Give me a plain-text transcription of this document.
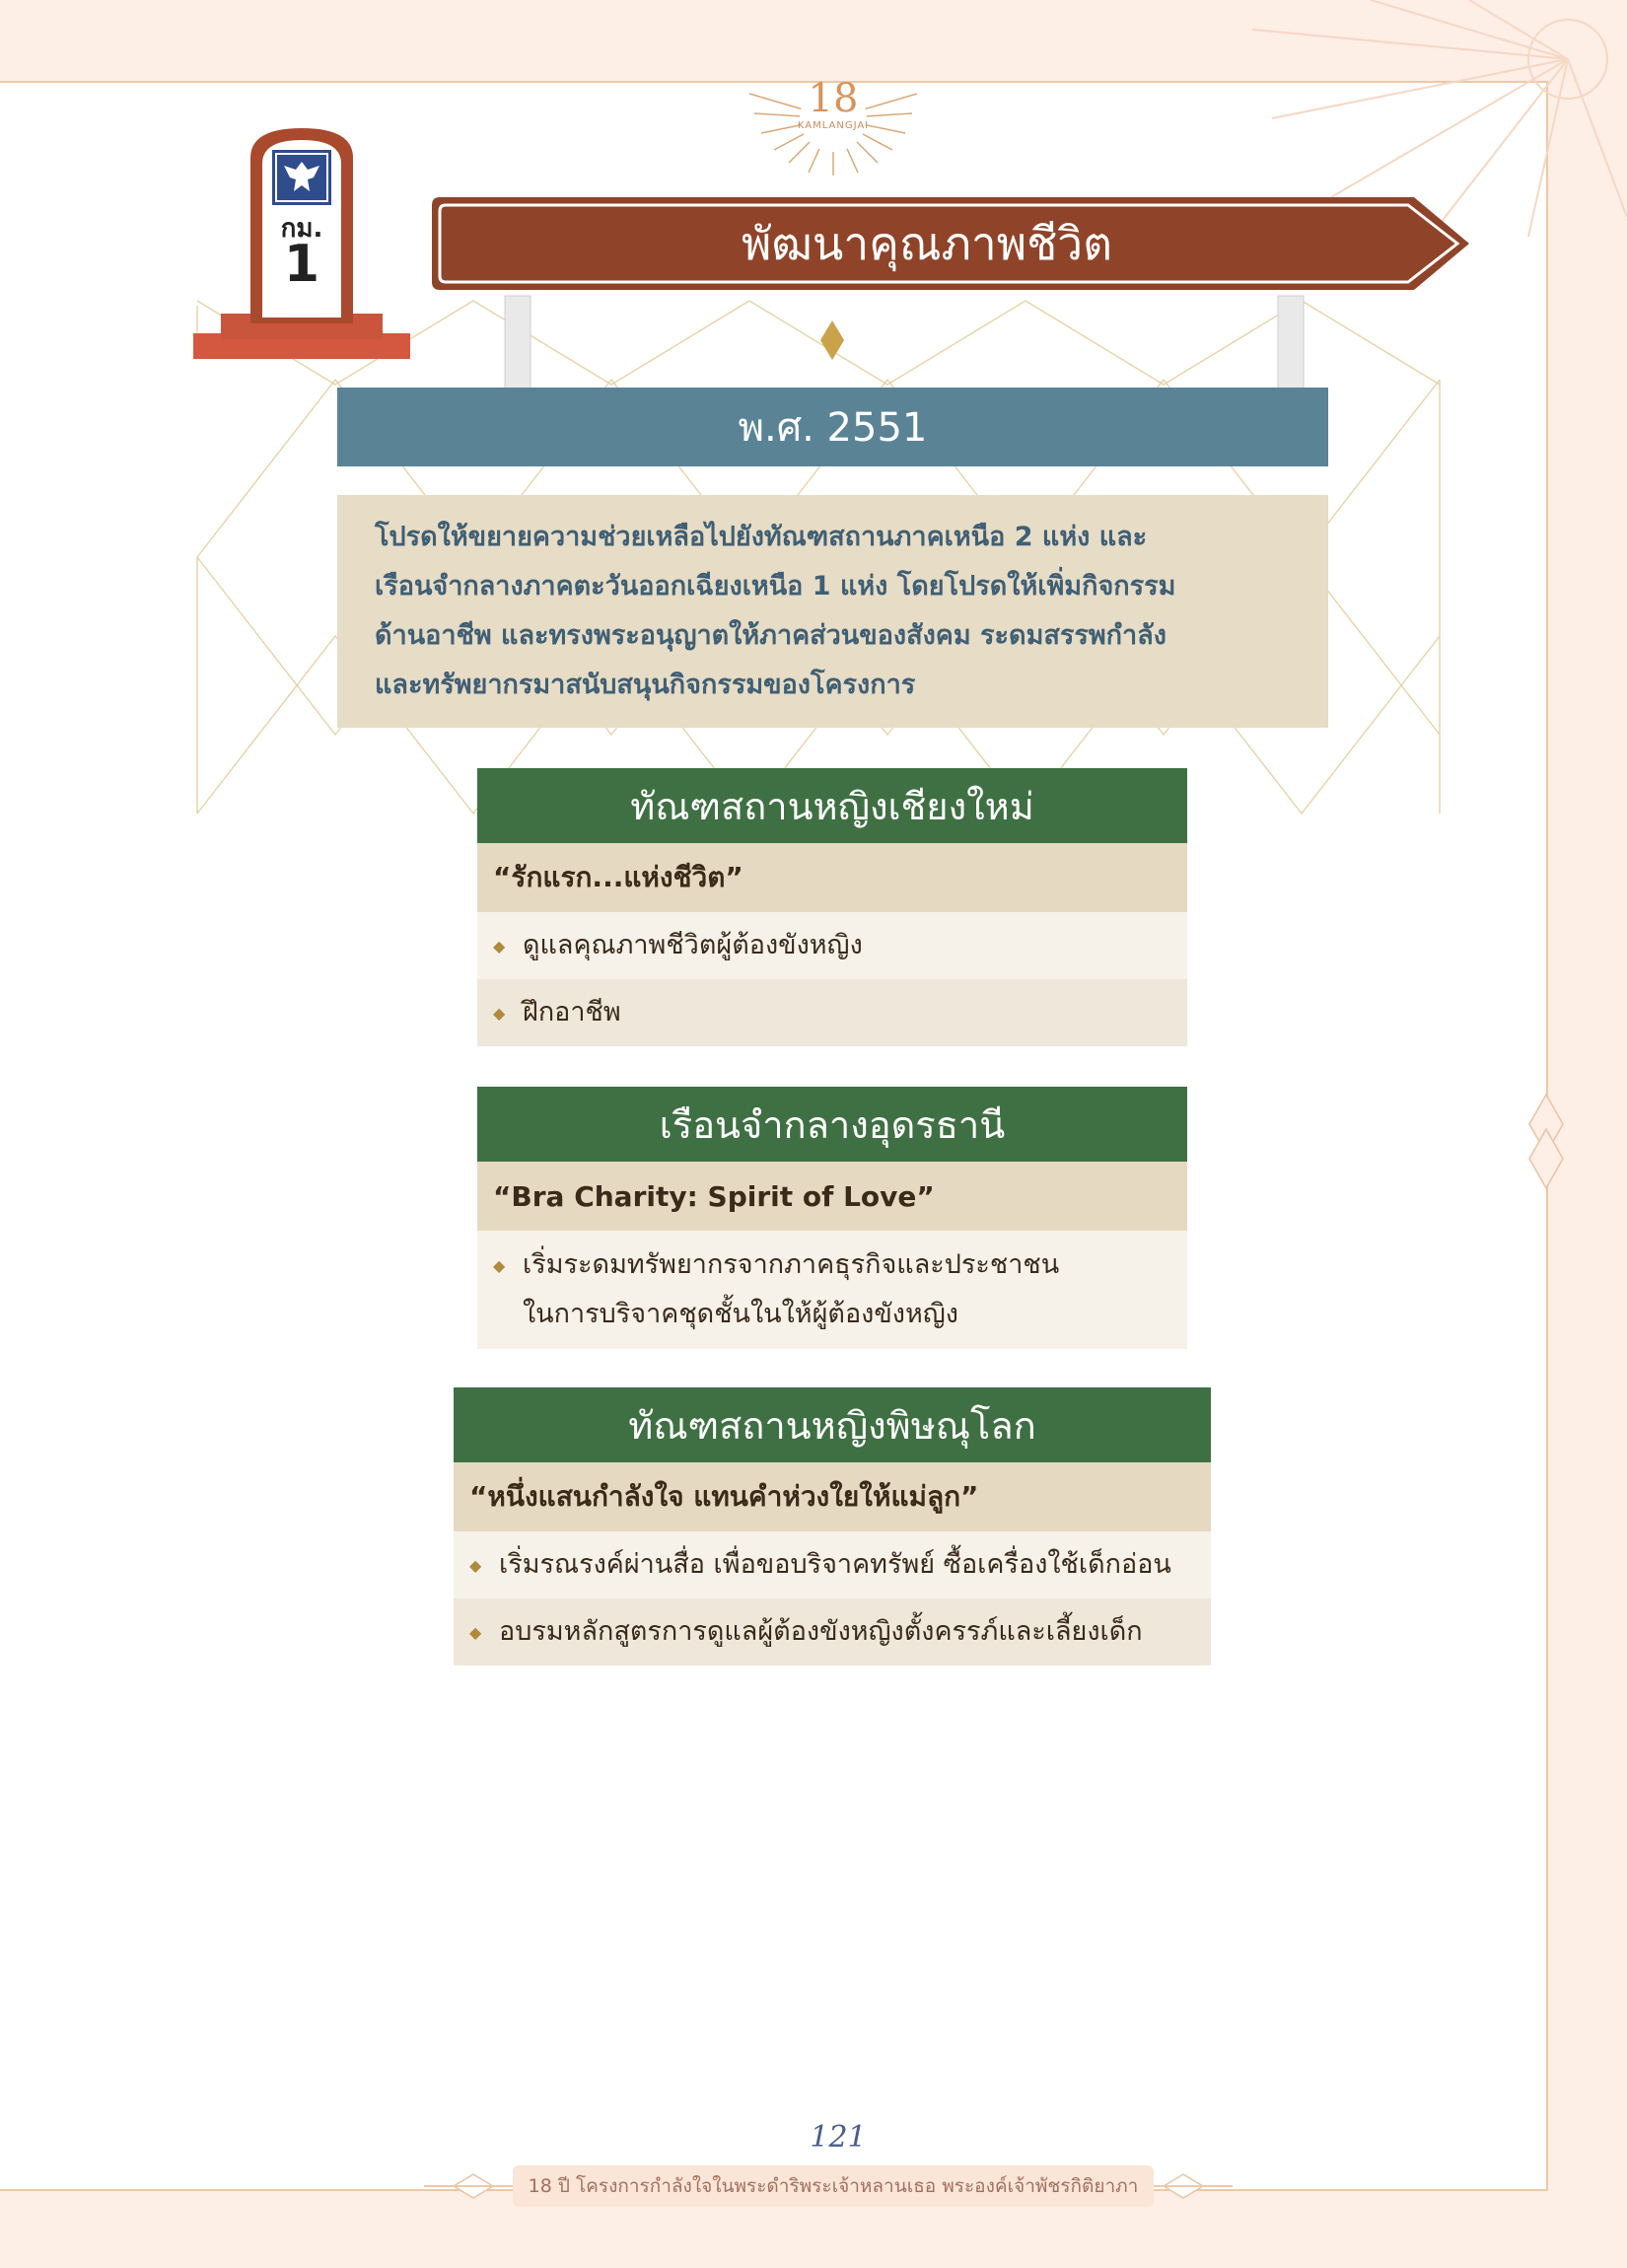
18
KAMLANGJAI
กม.
1	พัฒนาคุณภาพชีวิต
พ.ศ. 2551
โปรดให้ขยายความช่วยเหลือไปยังทัณฑสถานภาคเหนือ 2 แห่ง และ
เรือนจำกลางภาคตะวันออกเฉียงเหนือ 1 แห่ง โดยโปรดให้เพิ่มกิจกรรม
ด้านอาชีพ และทรงพระอนุญาตให้ภาคส่วนของสังคม ระดมสรรพกำลัง
และทรัพยากรมาสนับสนุนกิจกรรมของโครงการ
ทัณฑสถานหญิงเชียงใหม่
“รักแรก...แห่งชีวิต”
◆ ดูแลคุณภาพชีวิตผู้ต้องขังหญิง
◆ ฝึกอาชีพ
เรือนจำกลางอุดรธานี
“Bra Charity: Spirit of Love”
◆ เริ่มระดมทรัพยากรจากภาคธุรกิจและประชาชน
ในการบริจาคชุดชั้นในให้ผู้ต้องขังหญิง
ทัณฑสถานหญิงพิษณุโลก
“หนึ่งแสนกำลังใจ แทนคำห่วงใยให้แม่ลูก”
◆ เริ่มรณรงค์ผ่านสื่อ เพื่อขอบริจาคทรัพย์ ซื้อเครื่องใช้เด็กอ่อน
◆ อบรมหลักสูตรการดูแลผู้ต้องขังหญิงตั้งครรภ์และเลี้ยงเด็ก
121
18 ปี โครงการกำลังใจในพระดำริพระเจ้าหลานเธอ พระองค์เจ้าพัชรกิติยาภา
